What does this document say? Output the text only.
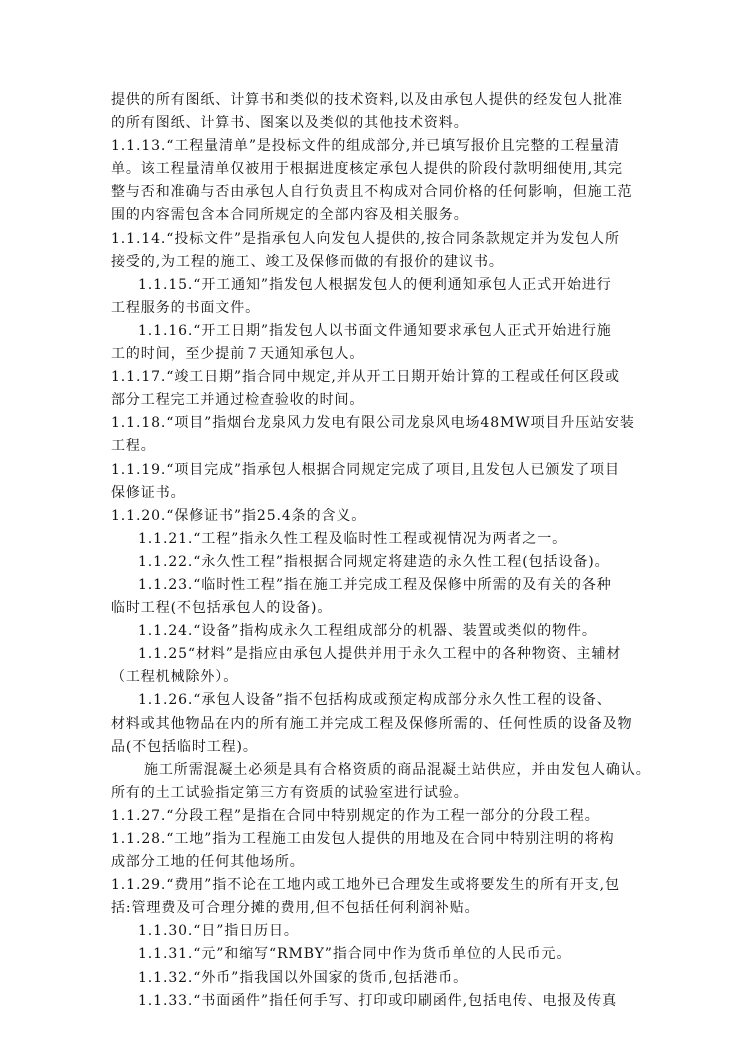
提供的所有图纸、计算书和类似的技术资料,以及由承包人提供的经发包人批准
的所有图纸、计算书、图案以及类似的其他技术资料。
1.1.13.“工程量清单”是投标文件的组成部分,并已填写报价且完整的工程量清
单。该工程量清单仅被用于根据进度核定承包人提供的阶段付款明细使用,其完
整与否和准确与否由承包人自行负责且不构成对合同价格的任何影响，但施工范
围的内容需包含本合同所规定的全部内容及相关服务。
1.1.14.“投标文件”是指承包人向发包人提供的,按合同条款规定并为发包人所
接受的,为工程的施工、竣工及保修而做的有报价的建议书。
1.1.15.“开工通知”指发包人根据发包人的便利通知承包人正式开始进行
工程服务的书面文件。
1.1.16.“开工日期”指发包人以书面文件通知要求承包人正式开始进行施
工的时间，至少提前７天通知承包人。
1.1.17.“竣工日期”指合同中规定,并从开工日期开始计算的工程或任何区段或
部分工程完工并通过检查验收的时间。
1.1.18.“项目”指烟台龙泉风力发电有限公司龙泉风电场48MW项目升压站安装
工程。
1.1.19.“项目完成”指承包人根据合同规定完成了项目,且发包人已颁发了项目
保修证书。
1.1.20.“保修证书”指25.4条的含义。
1.1.21.“工程”指永久性工程及临时性工程或视情况为两者之一。
1.1.22.“永久性工程”指根据合同规定将建造的永久性工程(包括设备)。
1.1.23.“临时性工程”指在施工并完成工程及保修中所需的及有关的各种
临时工程(不包括承包人的设备)。
1.1.24.“设备”指构成永久工程组成部分的机器、装置或类似的物件。
1.1.25“材料”是指应由承包人提供并用于永久工程中的各种物资、主辅材
（工程机械除外）。
1.1.26.“承包人设备”指不包括构成或预定构成部分永久性工程的设备、
材料或其他物品在内的所有施工并完成工程及保修所需的、任何性质的设备及物
品(不包括临时工程)。
施工所需混凝土必须是具有合格资质的商品混凝土站供应，并由发包人确认。
所有的土工试验指定第三方有资质的试验室进行试验。
1.1.27.“分段工程”是指在合同中特别规定的作为工程一部分的分段工程。
1.1.28.“工地”指为工程施工由发包人提供的用地及在合同中特别注明的将构
成部分工地的任何其他场所。
1.1.29.“费用”指不论在工地内或工地外已合理发生或将要发生的所有开支,包
括:管理费及可合理分摊的费用,但不包括任何利润补贴。
1.1.30.“日”指日历日。
1.1.31.“元”和缩写“RMBY”指合同中作为货币单位的人民币元。
1.1.32.“外币”指我国以外国家的货币,包括港币。
1.1.33.“书面函件”指任何手写、打印或印刷函件,包括电传、电报及传真
